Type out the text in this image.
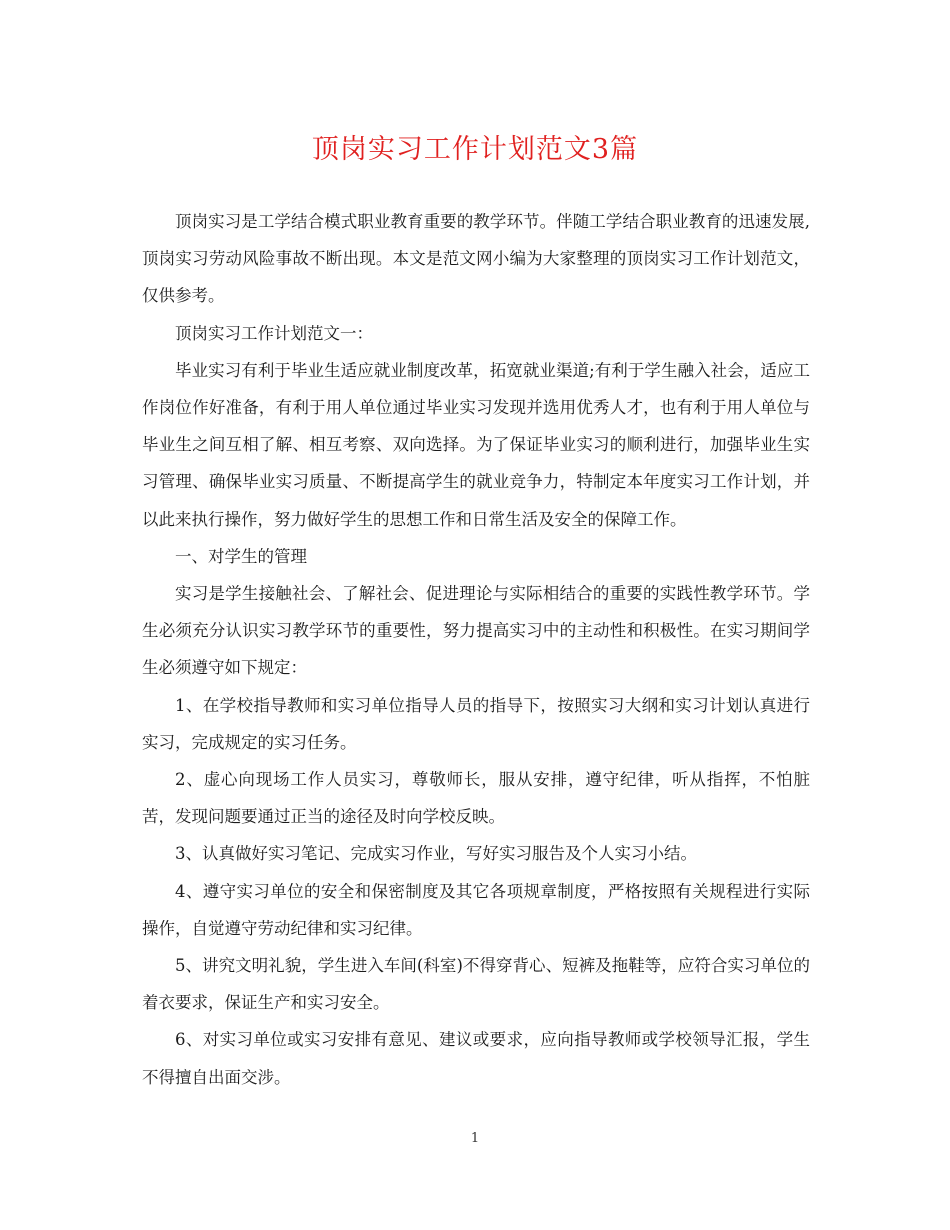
顶岗实习工作计划范文3篇

顶岗实习是工学结合模式职业教育重要的教学环节。伴随工学结合职业教育的迅速发展,顶岗实习劳动风险事故不断出现。本文是范文网小编为大家整理的顶岗实习工作计划范文，仅供参考。

顶岗实习工作计划范文一：

毕业实习有利于毕业生适应就业制度改革，拓宽就业渠道;有利于学生融入社会，适应工作岗位作好准备，有利于用人单位通过毕业实习发现并选用优秀人才，也有利于用人单位与毕业生之间互相了解、相互考察、双向选择。为了保证毕业实习的顺利进行，加强毕业生实习管理、确保毕业实习质量、不断提高学生的就业竞争力，特制定本年度实习工作计划，并以此来执行操作，努力做好学生的思想工作和日常生活及安全的保障工作。

一、对学生的管理

实习是学生接触社会、了解社会、促进理论与实际相结合的重要的实践性教学环节。学生必须充分认识实习教学环节的重要性，努力提高实习中的主动性和积极性。在实习期间学生必须遵守如下规定：

1、在学校指导教师和实习单位指导人员的指导下，按照实习大纲和实习计划认真进行实习，完成规定的实习任务。

2、虚心向现场工作人员实习，尊敬师长，服从安排，遵守纪律，听从指挥，不怕脏苦，发现问题要通过正当的途径及时向学校反映。

3、认真做好实习笔记、完成实习作业，写好实习服告及个人实习小结。

4、遵守实习单位的安全和保密制度及其它各项规章制度，严格按照有关规程进行实际操作，自觉遵守劳动纪律和实习纪律。

5、讲究文明礼貌，学生进入车间(科室)不得穿背心、短裤及拖鞋等，应符合实习单位的着衣要求，保证生产和实习安全。

6、对实习单位或实习安排有意见、建议或要求，应向指导教师或学校领导汇报，学生不得擅自出面交涉。

1
